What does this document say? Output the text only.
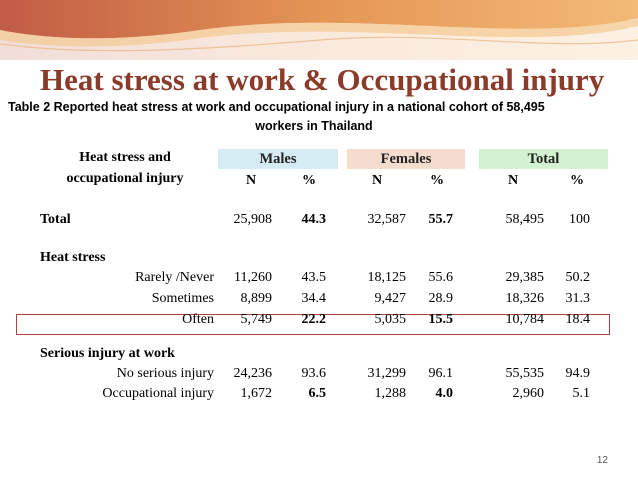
Heat stress at work & Occupational injury
Table 2 Reported heat stress at work and occupational injury in a national cohort of 58,495
workers in Thailand
Heat stress and
occupational injury
Males	Females	Total
N	%	N	%	N	%
Total	25,908	44.3	32,587	55.7	58,495	100
Heat stress
Rarely /Never	11,260	43.5	18,125	55.6	29,385	50.2
Sometimes	8,899	34.4	9,427	28.9	18,326	31.3
Often	5,749	22.2	5,035	15.5	10,784	18.4
Serious injury at work
No serious injury	24,236	93.6	31,299	96.1	55,535	94.9
Occupational injury	1,672	6.5	1,288	4.0	2,960	5.1
12
